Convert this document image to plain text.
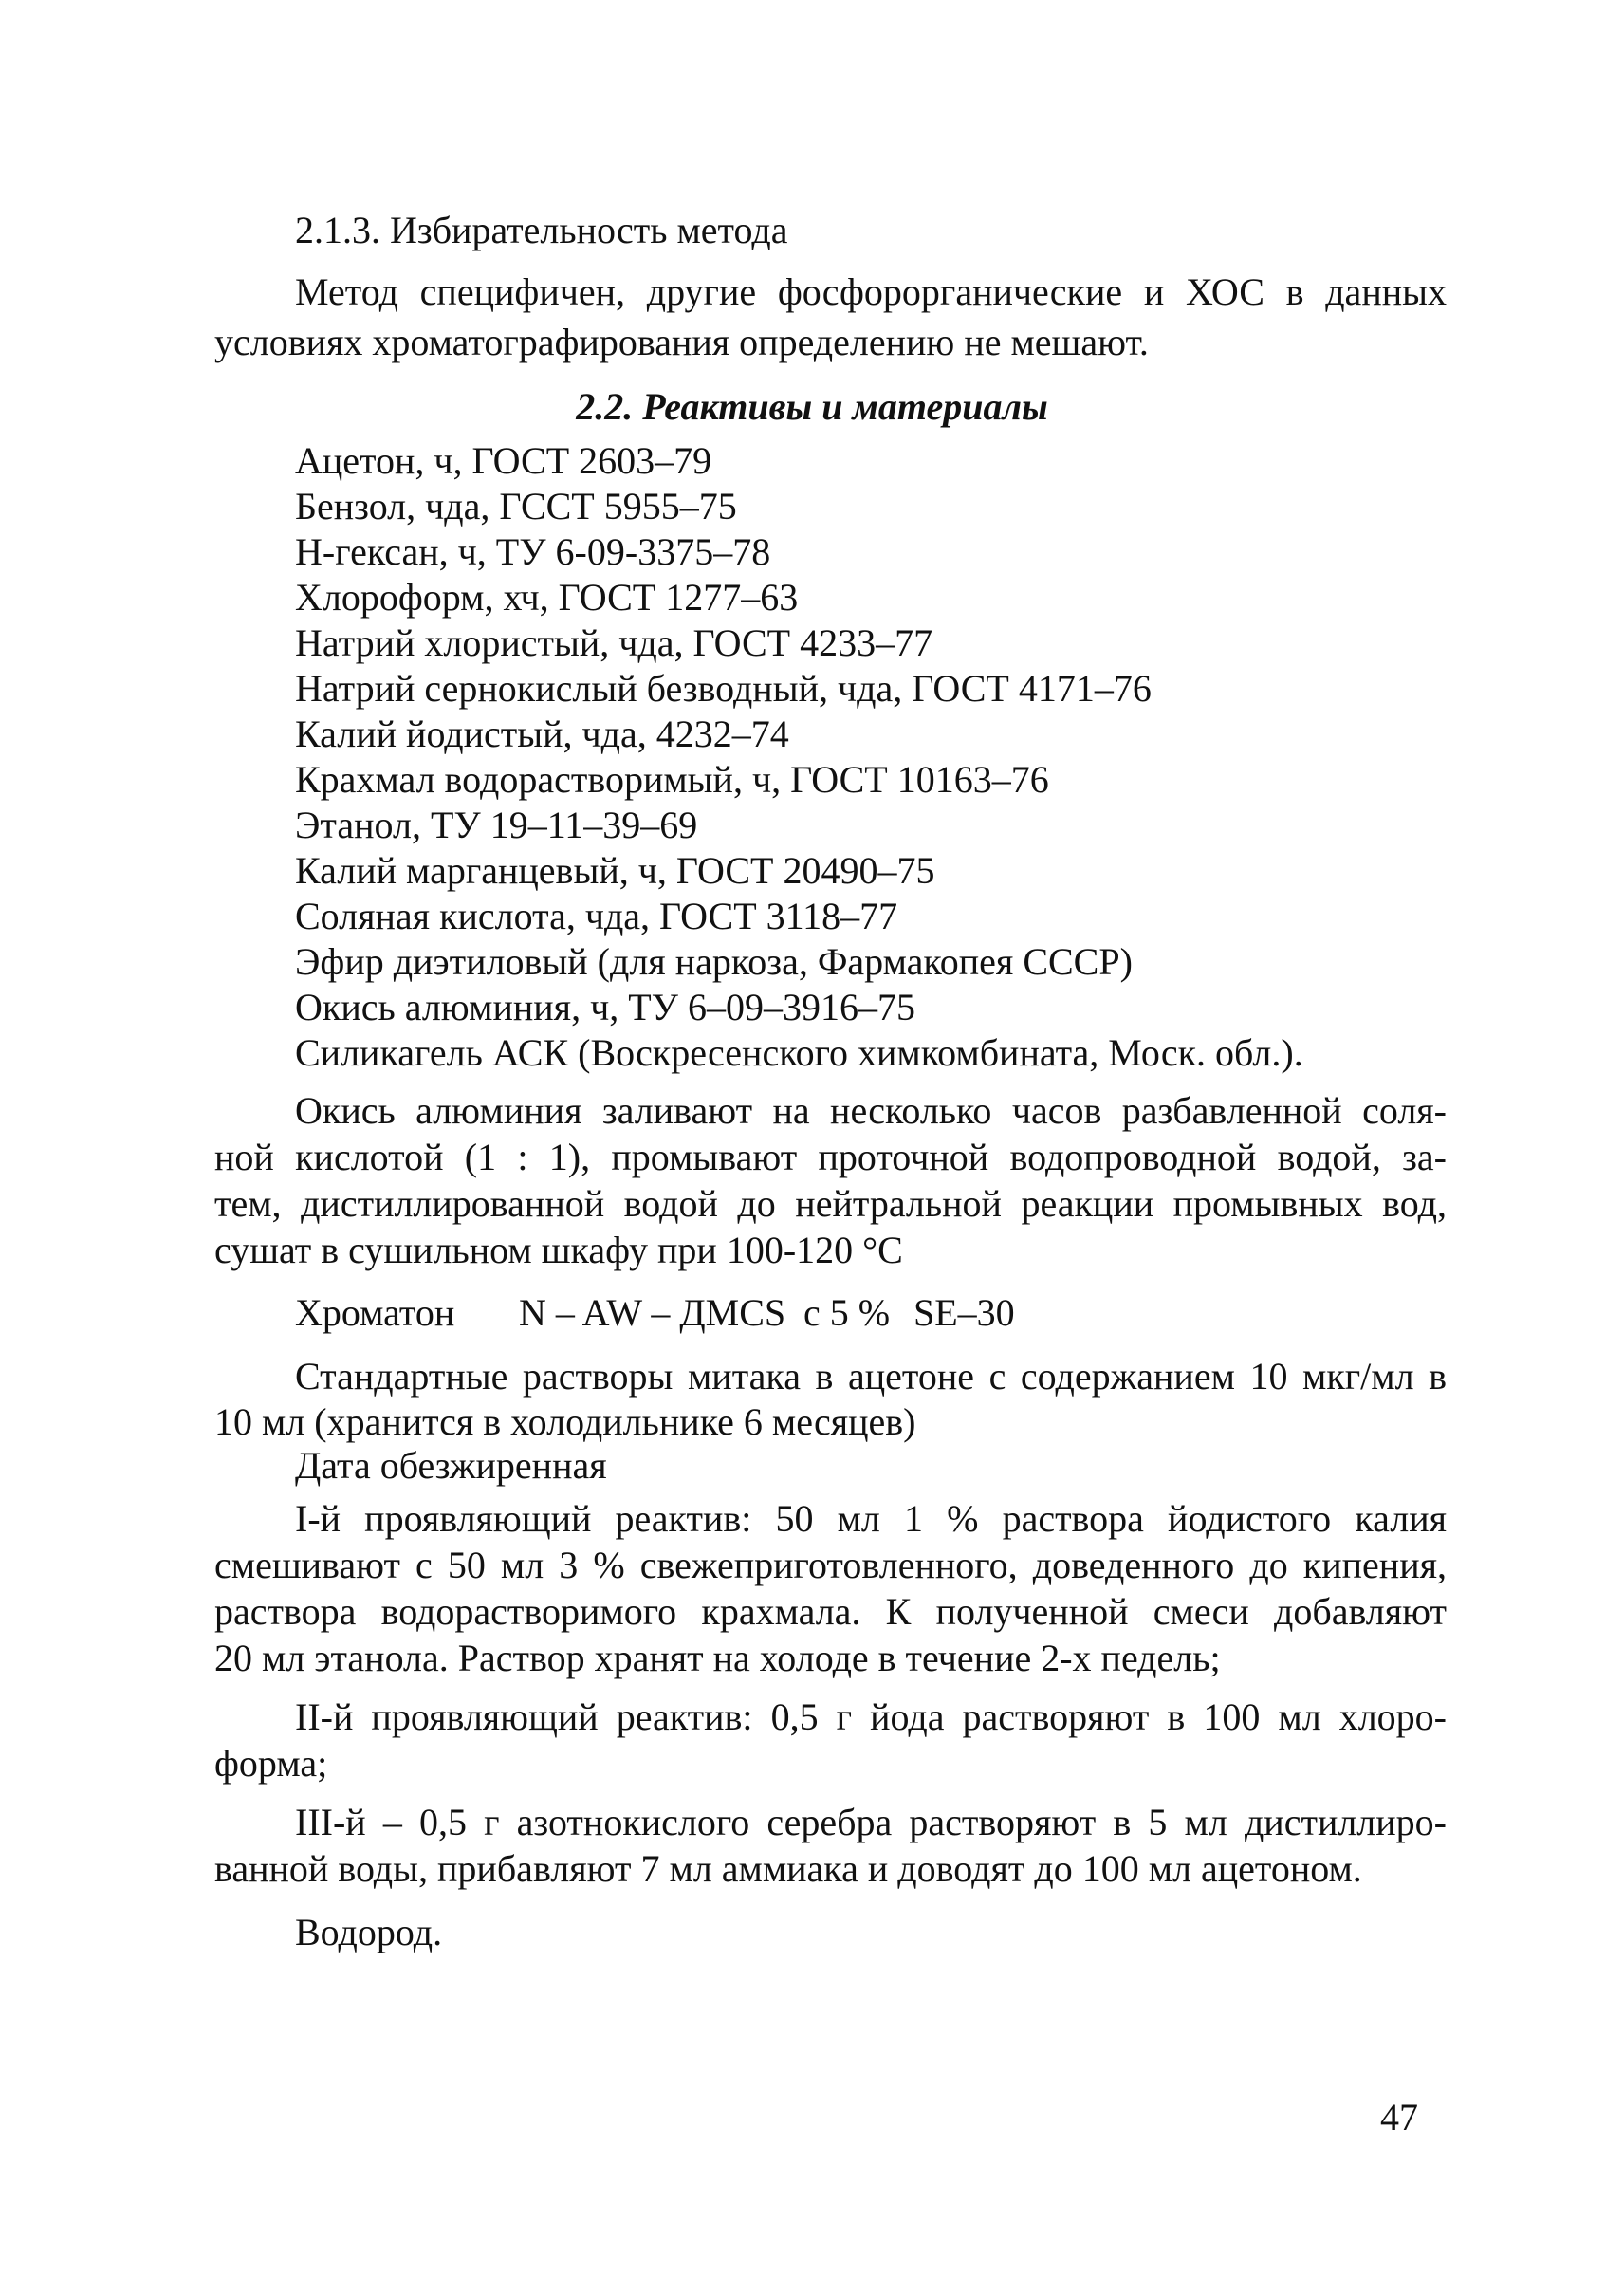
2.1.3. Избирательность метода

Метод специфичен, другие фосфорорганические и ХОС в данных

условиях хроматографирования определению не мешают.

2.2. Реактивы и материалы

Ацетон, ч, ГОСТ 2603–79

Бензол, чда, ГССТ 5955–75

Н-гексан, ч, ТУ 6-09-3375–78

Хлороформ, хч, ГОСТ 1277–63

Натрий хлористый, чда, ГОСТ 4233–77

Натрий сернокислый безводный, чда, ГОСТ 4171–76

Калий йодистый, чда, 4232–74

Крахмал водорастворимый, ч, ГОСТ 10163–76

Этанол, ТУ 19–11–39–69

Калий марганцевый, ч, ГОСТ 20490–75

Соляная кислота, чда, ГОСТ 3118–77

Эфир диэтиловый (для наркоза, Фармакопея СССР)

Окись алюминия, ч, ТУ 6–09–3916–75

Силикагель АСК (Воскресенского химкомбината, Моск. обл.).

Окись алюминия заливают на несколько часов разбавленной соля-

ной кислотой (1 : 1), промывают проточной водопроводной водой, за-

тем, дистиллированной водой до нейтральной реакции промывных вод,

сушат в сушильном шкафу при 100-120 °С

Хроматон N – AW – ДМCS с 5 % SE–30

Стандартные растворы митака в ацетоне с содержанием 10 мкг/мл в

10 мл (хранится в холодильнике 6 месяцев)

Дата обезжиренная

I-й проявляющий реактив: 50 мл 1 % раствора йодистого калия

смешивают с 50 мл 3 % свежеприготовленного, доведенного до кипения,

раствора водорастворимого крахмала. К полученной смеси добавляют

20 мл этанола. Раствор хранят на холоде в течение 2-х педель;

II-й проявляющий реактив: 0,5 г йода растворяют в 100 мл хлоро-

форма;

III-й – 0,5 г азотнокислого серебра растворяют в 5 мл дистиллиро-

ванной воды, прибавляют 7 мл аммиака и доводят до 100 мл ацетоном.

Водород.

47
